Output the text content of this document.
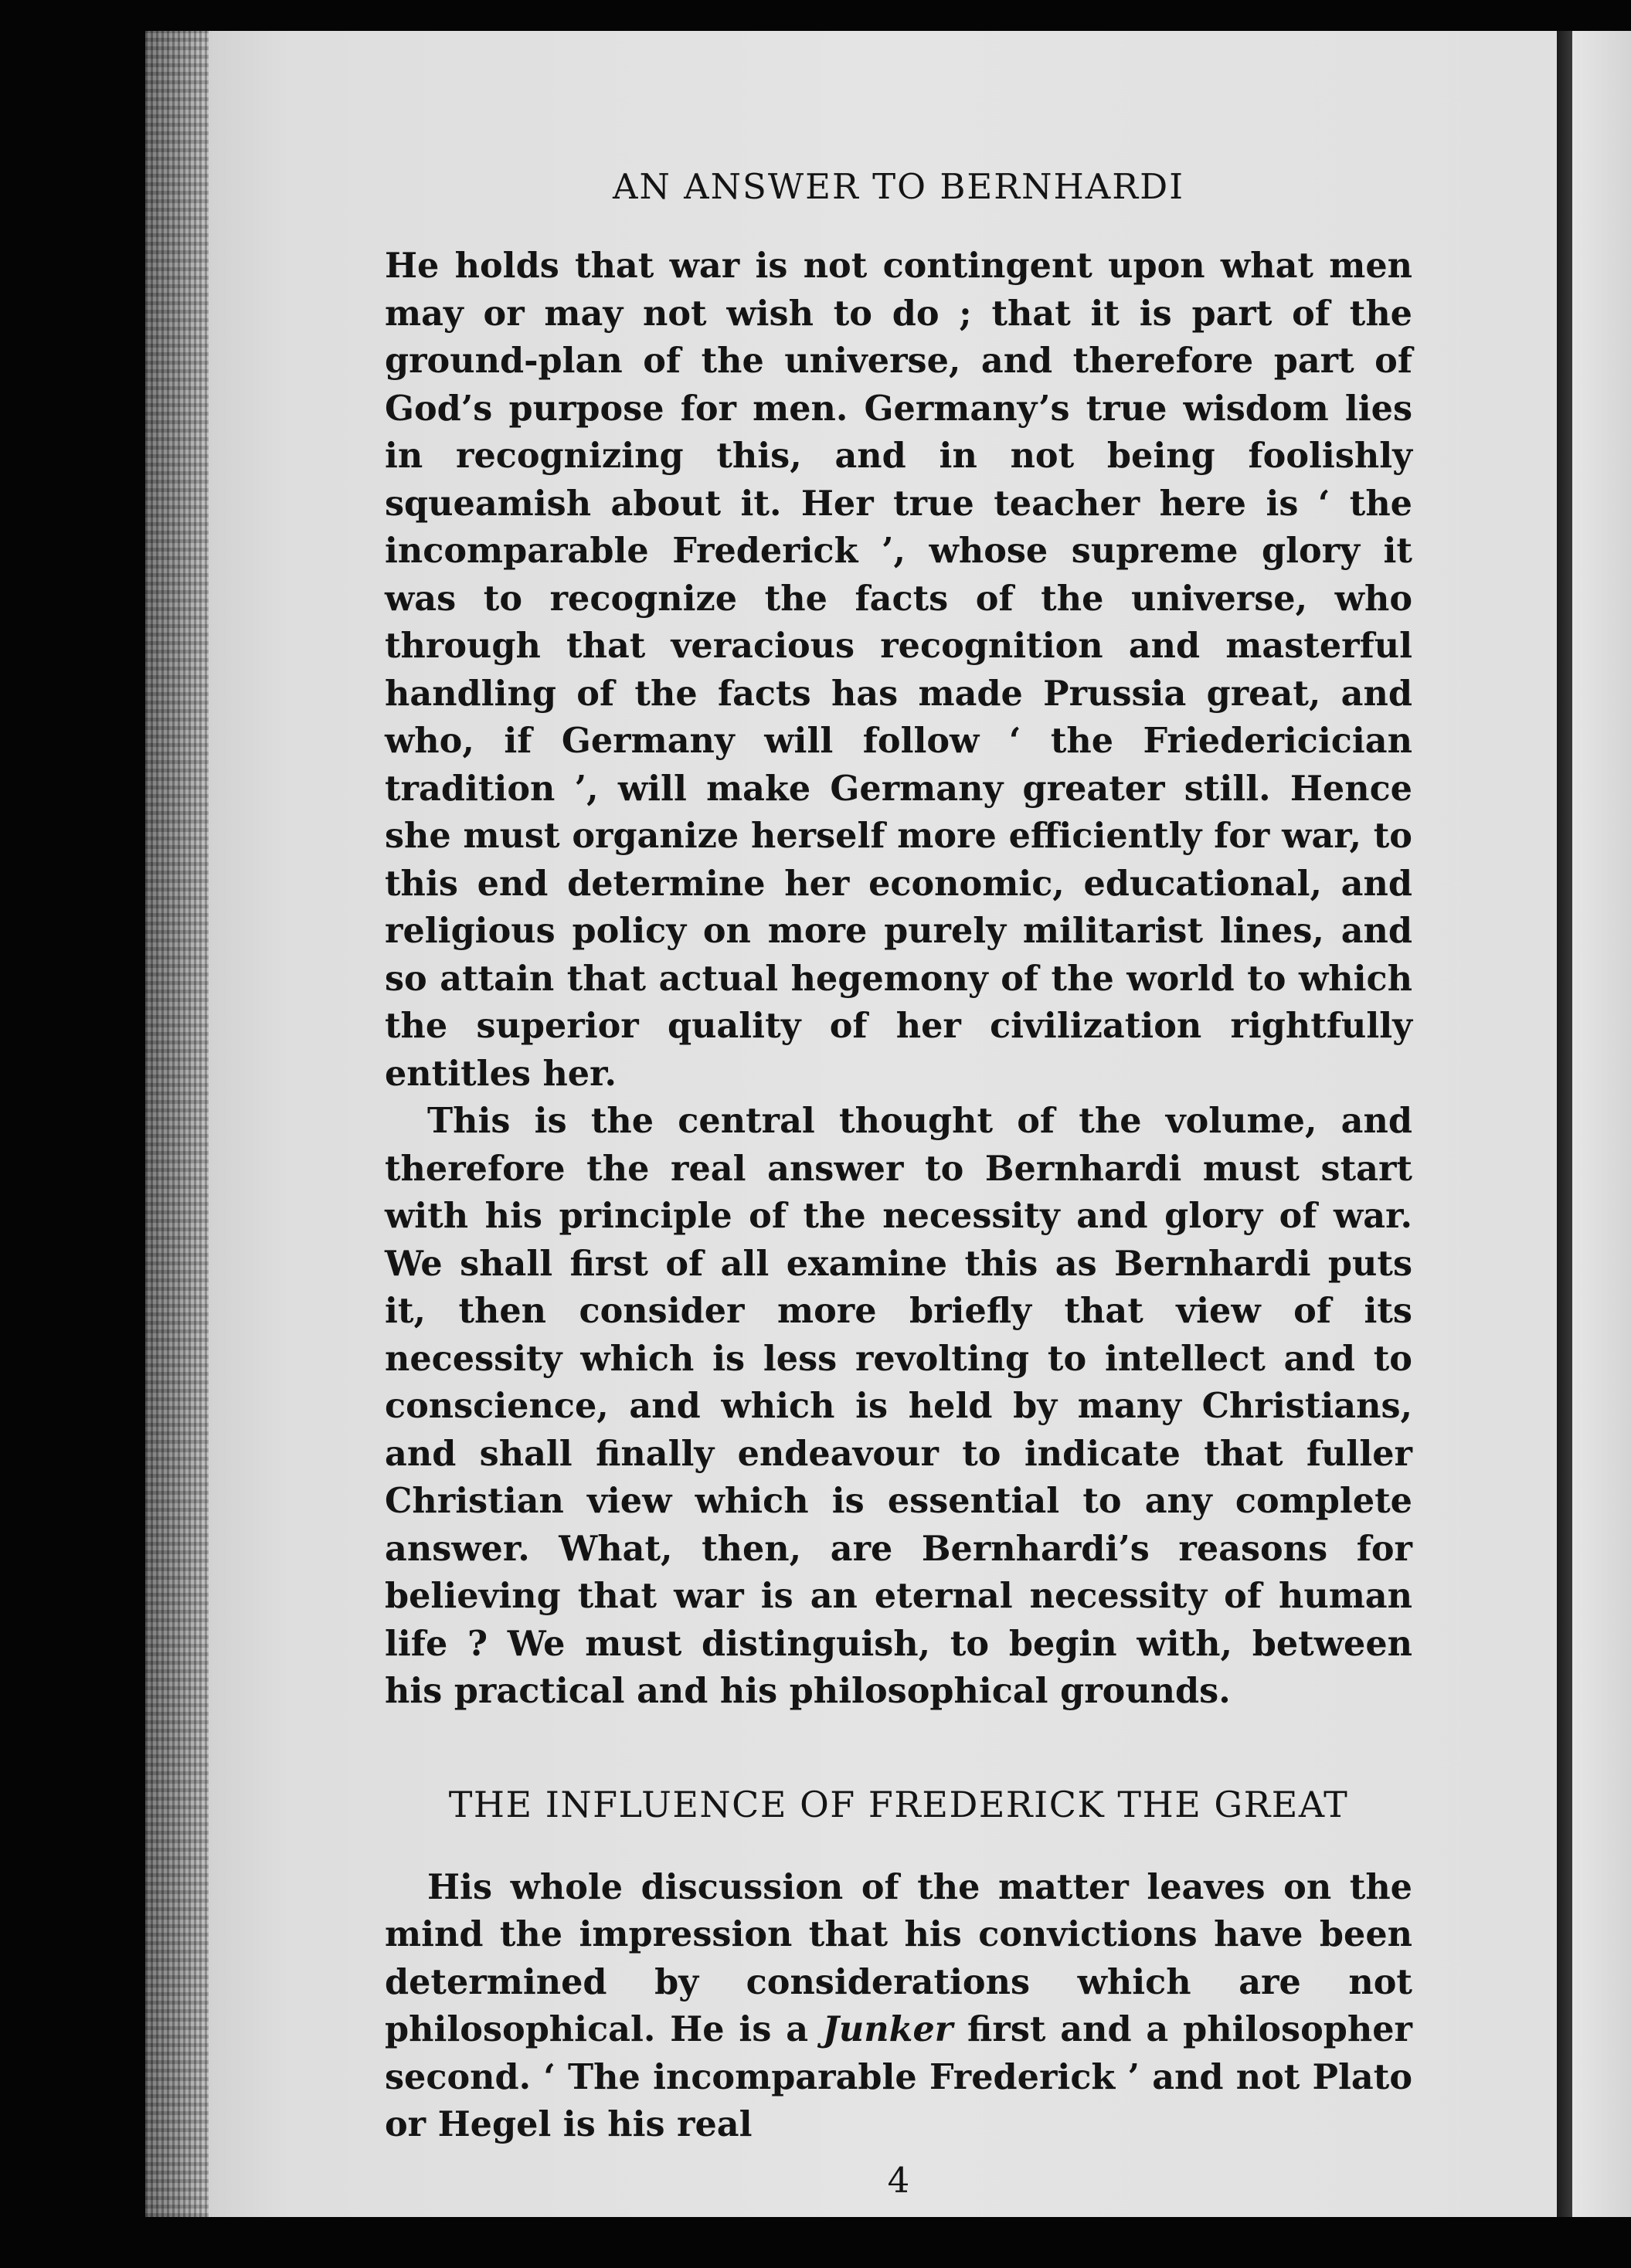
AN ANSWER TO BERNHARDI

He holds that war is not contingent upon what men may or may not wish to do ; that it is part of the ground-plan of the universe, and therefore part of God’s purpose for men. Germany’s true wisdom lies in recognizing this, and in not being foolishly squeamish about it. Her true teacher here is ‘ the incomparable Frederick ’, whose supreme glory it was to recognize the facts of the universe, who through that veracious recognition and masterful handling of the facts has made Prussia great, and who, if Germany will follow ‘ the Friedericician tradition ’, will make Germany greater still. Hence she must organize herself more efficiently for war, to this end determine her economic, educational, and religious policy on more purely militarist lines, and so attain that actual hegemony of the world to which the superior quality of her civilization rightfully entitles her.

This is the central thought of the volume, and therefore the real answer to Bernhardi must start with his principle of the necessity and glory of war. We shall first of all examine this as Bernhardi puts it, then consider more briefly that view of its necessity which is less revolting to intellect and to conscience, and which is held by many Christians, and shall finally endeavour to indicate that fuller Christian view which is essential to any complete answer. What, then, are Bernhardi’s reasons for believing that war is an eternal necessity of human life ? We must distinguish, to begin with, between his practical and his philosophical grounds.

THE INFLUENCE OF FREDERICK THE GREAT

His whole discussion of the matter leaves on the mind the impression that his convictions have been determined by considerations which are not philosophical. He is a Junker first and a philosopher second. ‘ The incomparable Frederick ’ and not Plato or Hegel is his real

4
